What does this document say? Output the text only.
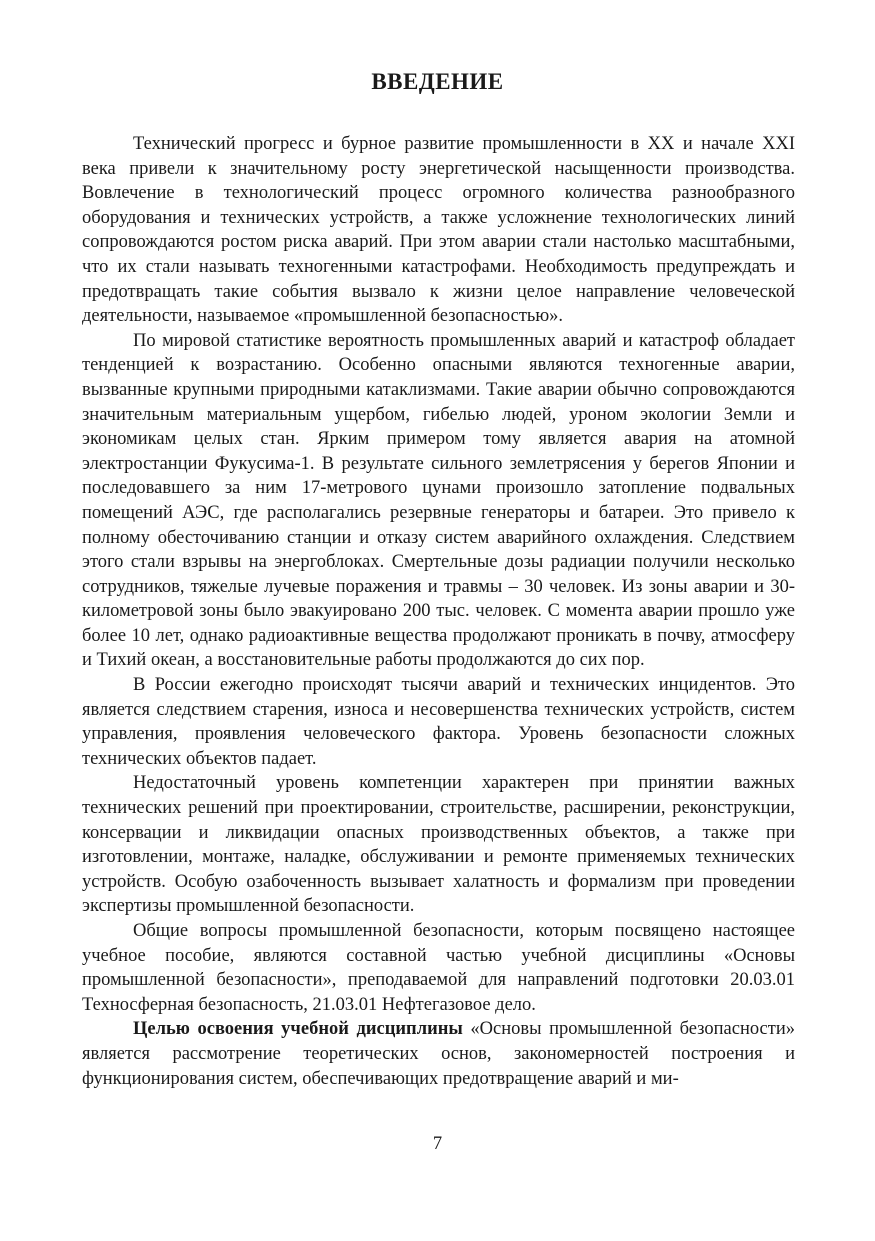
ВВЕДЕНИЕ

Технический прогресс и бурное развитие промышленности в XX и начале XXI века привели к значительному росту энергетической насыщенности производства. Вовлечение в технологический процесс огромного количества разнообразного оборудования и технических устройств, а также усложнение технологических линий сопровождаются ростом риска аварий. При этом аварии стали настолько масштабными, что их стали называть техногенными катастрофами. Необходимость предупреждать и предотвращать такие события вызвало к жизни целое направление человеческой деятельности, называемое «промышленной безопасностью».

По мировой статистике вероятность промышленных аварий и катастроф обладает тенденцией к возрастанию. Особенно опасными являются техногенные аварии, вызванные крупными природными катаклизмами. Такие аварии обычно сопровождаются значительным материальным ущербом, гибелью людей, уроном экологии Земли и экономикам целых стан. Ярким примером тому является авария на атомной электростанции Фукусима-1. В результате сильного землетрясения у берегов Японии и последовавшего за ним 17-метрового цунами произошло затопление подвальных помещений АЭС, где располагались резервные генераторы и батареи. Это привело к полному обесточиванию станции и отказу систем аварийного охлаждения. Следствием этого стали взрывы на энергоблоках. Смертельные дозы радиации получили несколько сотрудников, тяжелые лучевые поражения и травмы – 30 человек. Из зоны аварии и 30-километровой зоны было эвакуировано 200 тыс. человек. С момента аварии прошло уже более 10 лет, однако радиоактивные вещества продолжают проникать в почву, атмосферу и Тихий океан, а восстановительные работы продолжаются до сих пор.

В России ежегодно происходят тысячи аварий и технических инцидентов. Это является следствием старения, износа и несовершенства технических устройств, систем управления, проявления человеческого фактора. Уровень безопасности сложных технических объектов падает.

Недостаточный уровень компетенции характерен при принятии важных технических решений при проектировании, строительстве, расширении, реконструкции, консервации и ликвидации опасных производственных объектов, а также при изготовлении, монтаже, наладке, обслуживании и ремонте применяемых технических устройств. Особую озабоченность вызывает халатность и формализм при проведении экспертизы промышленной безопасности.

Общие вопросы промышленной безопасности, которым посвящено настоящее учебное пособие, являются составной частью учебной дисциплины «Основы промышленной безопасности», преподаваемой для направлений подготовки 20.03.01 Техносферная безопасность, 21.03.01 Нефтегазовое дело.

Целью освоения учебной дисциплины «Основы промышленной безопасности» является рассмотрение теоретических основ, закономерностей построения и функционирования систем, обеспечивающих предотвращение аварий и ми-

7
